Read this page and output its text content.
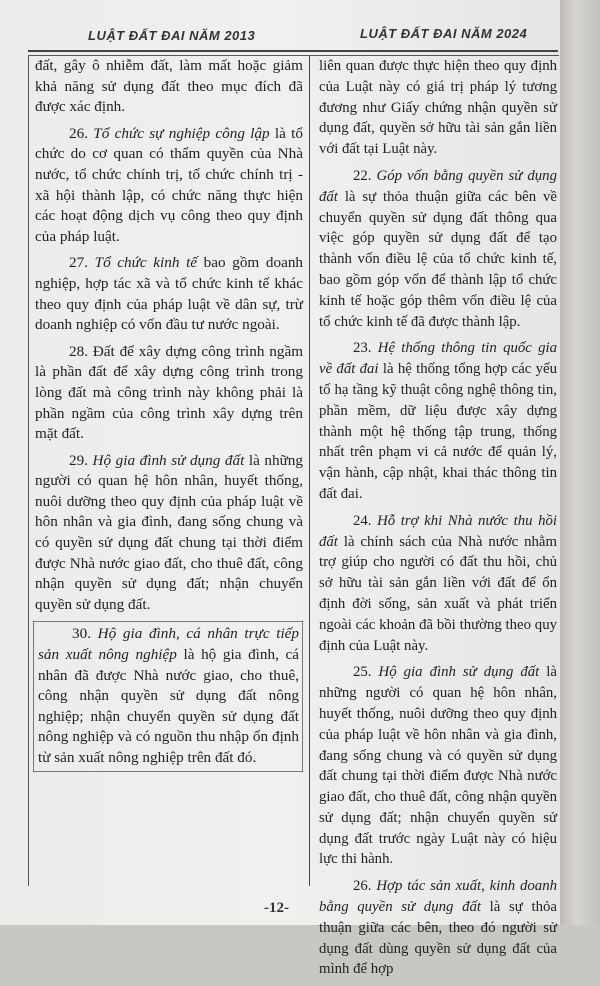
LUẬT ĐẤT ĐAI NĂM 2013	LUẬT ĐẤT ĐAI NĂM 2024

đất, gây ô nhiễm đất, làm mất hoặc giảm khả năng sử dụng đất theo mục đích đã được xác định.

26. Tổ chức sự nghiệp công lập là tổ chức do cơ quan có thẩm quyền của Nhà nước, tổ chức chính trị, tổ chức chính trị - xã hội thành lập, có chức năng thực hiện các hoạt động dịch vụ công theo quy định của pháp luật.

27. Tổ chức kinh tế bao gồm doanh nghiệp, hợp tác xã và tổ chức kinh tế khác theo quy định của pháp luật về dân sự, trừ doanh nghiệp có vốn đầu tư nước ngoài.

28. Đất để xây dựng công trình ngầm là phần đất để xây dựng công trình trong lòng đất mà công trình này không phải là phần ngầm của công trình xây dựng trên mặt đất.

29. Hộ gia đình sử dụng đất là những người có quan hệ hôn nhân, huyết thống, nuôi dưỡng theo quy định của pháp luật về hôn nhân và gia đình, đang sống chung và có quyền sử dụng đất chung tại thời điểm được Nhà nước giao đất, cho thuê đất, công nhận quyền sử dụng đất; nhận chuyển quyền sử dụng đất.

30. Hộ gia đình, cá nhân trực tiếp sản xuất nông nghiệp là hộ gia đình, cá nhân đã được Nhà nước giao, cho thuê, công nhận quyền sử dụng đất nông nghiệp; nhận chuyển quyền sử dụng đất nông nghiệp và có nguồn thu nhập ổn định từ sản xuất nông nghiệp trên đất đó.

liên quan được thực hiện theo quy định của Luật này có giá trị pháp lý tương đương như Giấy chứng nhận quyền sử dụng đất, quyền sở hữu tài sản gắn liền với đất tại Luật này.

22. Góp vốn bằng quyền sử dụng đất là sự thỏa thuận giữa các bên về chuyển quyền sử dụng đất thông qua việc góp quyền sử dụng đất để tạo thành vốn điều lệ của tổ chức kinh tế, bao gồm góp vốn để thành lập tổ chức kinh tế hoặc góp thêm vốn điều lệ của tổ chức kinh tế đã được thành lập.

23. Hệ thống thông tin quốc gia về đất đai là hệ thống tổng hợp các yếu tố hạ tầng kỹ thuật công nghệ thông tin, phần mềm, dữ liệu được xây dựng thành một hệ thống tập trung, thống nhất trên phạm vi cả nước để quản lý, vận hành, cập nhật, khai thác thông tin đất đai.

24. Hỗ trợ khi Nhà nước thu hồi đất là chính sách của Nhà nước nhằm trợ giúp cho người có đất thu hồi, chủ sở hữu tài sản gắn liền với đất để ổn định đời sống, sản xuất và phát triển ngoài các khoản đã bồi thường theo quy định của Luật này.

25. Hộ gia đình sử dụng đất là những người có quan hệ hôn nhân, huyết thống, nuôi dưỡng theo quy định của pháp luật về hôn nhân và gia đình, đang sống chung và có quyền sử dụng đất chung tại thời điểm được Nhà nước giao đất, cho thuê đất, công nhận quyền sử dụng đất; nhận chuyển quyền sử dụng đất trước ngày Luật này có hiệu lực thi hành.

26. Hợp tác sản xuất, kinh doanh bằng quyền sử dụng đất là sự thỏa thuận giữa các bên, theo đó người sử dụng đất dùng quyền sử dụng đất của mình để hợp

-12-
